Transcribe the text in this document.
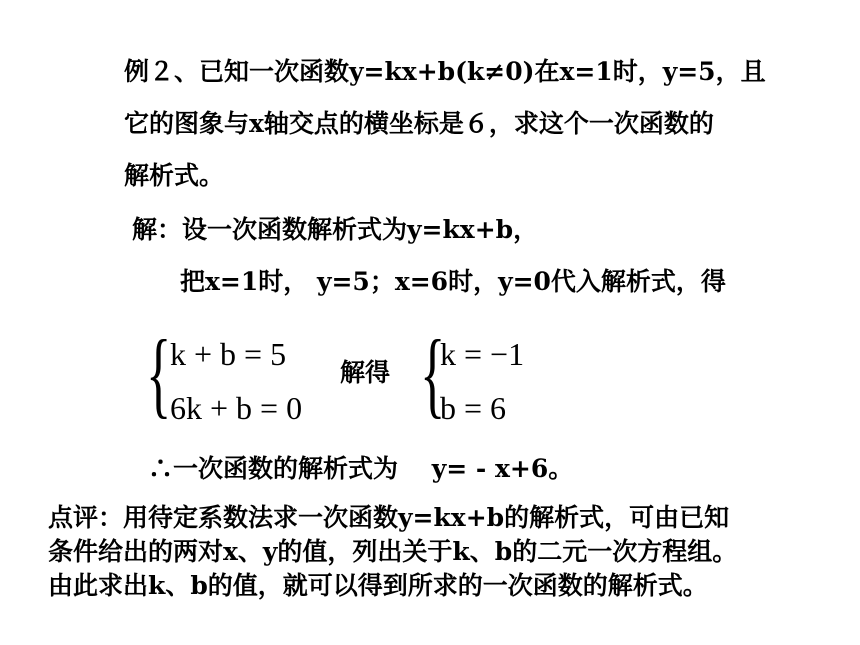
例２、已知一次函数y=kx+b(k≠0)在x=1时，y=5，且
它的图象与x轴交点的横坐标是６，求这个一次函数的
解析式。
解：设一次函数解析式为y=kx+b，
把x=1时， y=5；x=6时，y=0代入解析式，得
{
k + b = 5
6k + b = 0
解得 {
k = −1
b = 6
∴一次函数的解析式为　 y= - x+6。
点评：用待定系数法求一次函数y=kx+b的解析式，可由已知
条件给出的两对x、y的值，列出关于k、b的二元一次方程组。
由此求出k、b的值，就可以得到所求的一次函数的解析式。
